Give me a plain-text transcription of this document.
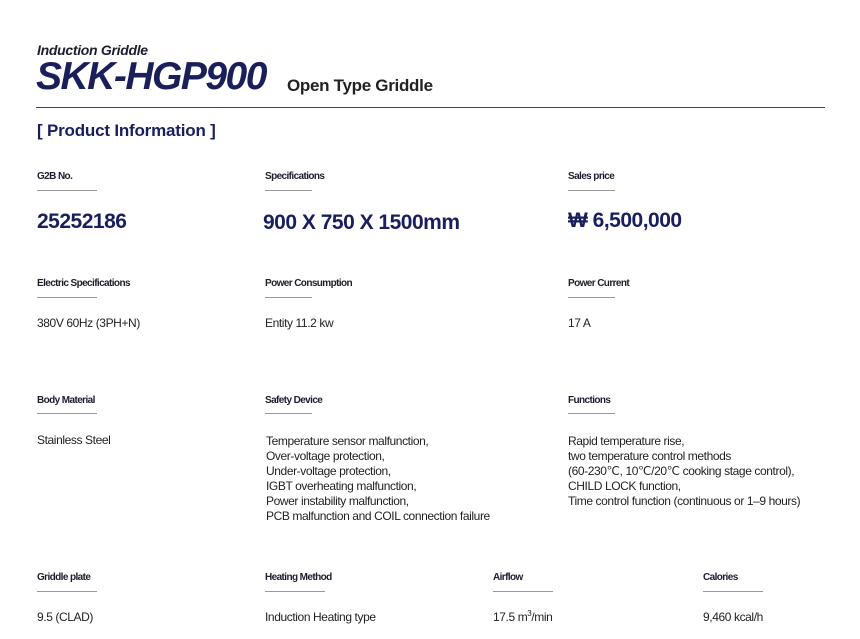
Induction Griddle
SKK-HGP900 Open Type Griddle
[ Product Information ]
G2B No.
25252186
Specifications
900 X 750 X 1500mm
Sales price
₩ 6,500,000
Electric Specifications
380V 60Hz (3PH+N)
Power Consumption
Entity 11.2 kw
Power Current
17 A
Body Material
Stainless Steel
Safety Device
Temperature sensor malfunction,
Over-voltage protection,
Under-voltage protection,
IGBT overheating malfunction,
Power instability malfunction,
PCB malfunction and COIL connection failure
Functions
Rapid temperature rise,
two temperature control methods
(60-230℃, 10℃/20℃ cooking stage control),
CHILD LOCK function,
Time control function (continuous or 1–9 hours)
Griddle plate
9.5 (CLAD)
Heating Method
Induction Heating type
Airflow
17.5 $m^3/\min$
Calories
9,460 kcal/h
